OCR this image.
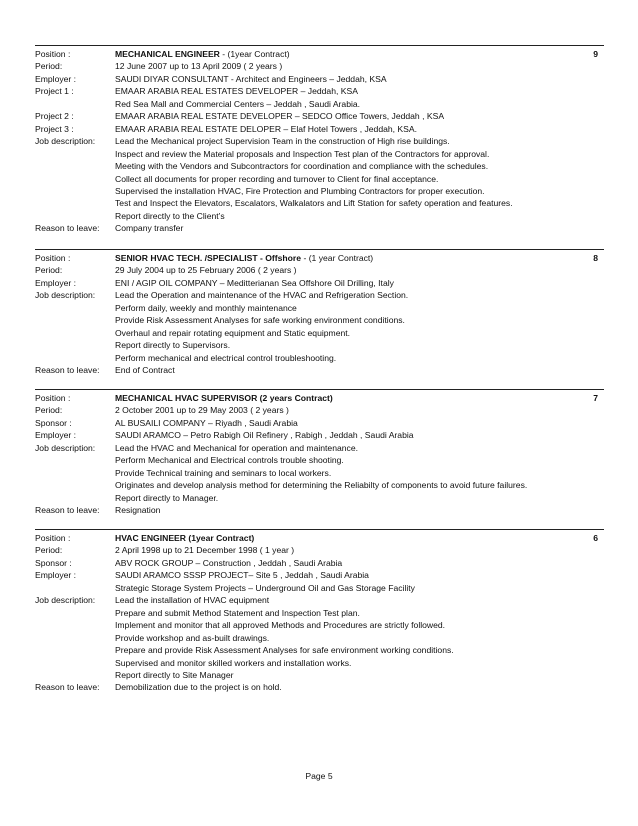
Position :	MECHANICAL ENGINEER - (1year Contract)	9
Period:	12 June 2007 up to 13 April 2009 ( 2 years )
Employer :	SAUDI DIYAR CONSULTANT - Architect and Engineers – Jeddah, KSA
Project 1 :	EMAAR ARABIA REAL ESTATES DEVELOPER – Jeddah, KSA
Red Sea Mall and Commercial Centers – Jeddah , Saudi Arabia.
Project 2 :	EMAAR ARABIA REAL ESTATE DEVELOPER – SEDCO Office Towers, Jeddah , KSA
Project 3 :	EMAAR ARABIA REAL ESTATE DELOPER – Elaf Hotel Towers , Jeddah, KSA.
Job description:	Lead the Mechanical project Supervision Team in the construction of High rise buildings.
Inspect and review the Material proposals and Inspection Test plan of the Contractors for approval.
Meeting with the Vendors and Subcontractors for coordination and compliance with the schedules.
Collect all documents for proper recording and turnover to Client for final acceptance.
Supervised the installation HVAC, Fire Protection and Plumbing Contractors for proper execution.
Test and Inspect the Elevators, Escalators, Walkalators and Lift Station for safety operation and features.
Report directly to the Client’s
Reason to leave:	Company transfer
Position :	SENIOR HVAC TECH. /SPECIALIST - Offshore - (1 year Contract)	8
Period:	29 July 2004 up to 25 February 2006 ( 2 years )
Employer :	ENI / AGIP OIL COMPANY – Meditterianan Sea Offshore Oil Drilling, Italy
Job description:	Lead the Operation and maintenance of the HVAC and Refrigeration Section.
Perform daily, weekly and monthly maintenance
Provide Risk Assessment Analyses for safe working environment conditions.
Overhaul and repair rotating equipment and Static equipment.
Report directly to Supervisors.
Perform mechanical and electrical control troubleshooting.
Reason to leave:	End of Contract
Position :	MECHANICAL HVAC SUPERVISOR (2 years Contract)	7
Period:	2 October 2001 up to 29 May 2003 ( 2 years )
Sponsor :	AL BUSAILI COMPANY – Riyadh , Saudi Arabia
Employer :	SAUDI ARAMCO – Petro Rabigh Oil Refinery , Rabigh , Jeddah , Saudi Arabia
Job description:	Lead the HVAC and Mechanical for operation and maintenance.
Perform Mechanical and Electrical controls trouble shooting.
Provide Technical training and seminars to local workers.
Originates and develop analysis method for determining the Reliabilty of components to avoid future failures.
Report directly to Manager.
Reason to leave:	Resignation
Position :	HVAC ENGINEER (1year Contract)	6
Period:	2 April 1998 up to 21 December 1998 ( 1 year )
Sponsor :	ABV ROCK GROUP – Construction , Jeddah , Saudi Arabia
Employer :	SAUDI ARAMCO SSSP PROJECT– Site 5 , Jeddah , Saudi Arabia
Strategic Storage System Projects – Underground Oil and Gas Storage Facility
Job description:	Lead the installation of HVAC equipment
Prepare and submit Method Statement and Inspection Test plan.
Implement and monitor that all approved Methods and Procedures are strictly followed.
Provide workshop and as-built drawings.
Prepare and provide Risk Assessment Analyses for safe environment working conditions.
Supervised and monitor skilled workers and installation works.
Report directly to Site Manager
Reason to leave:	Demobilization due to the project is on hold.
Page 5
